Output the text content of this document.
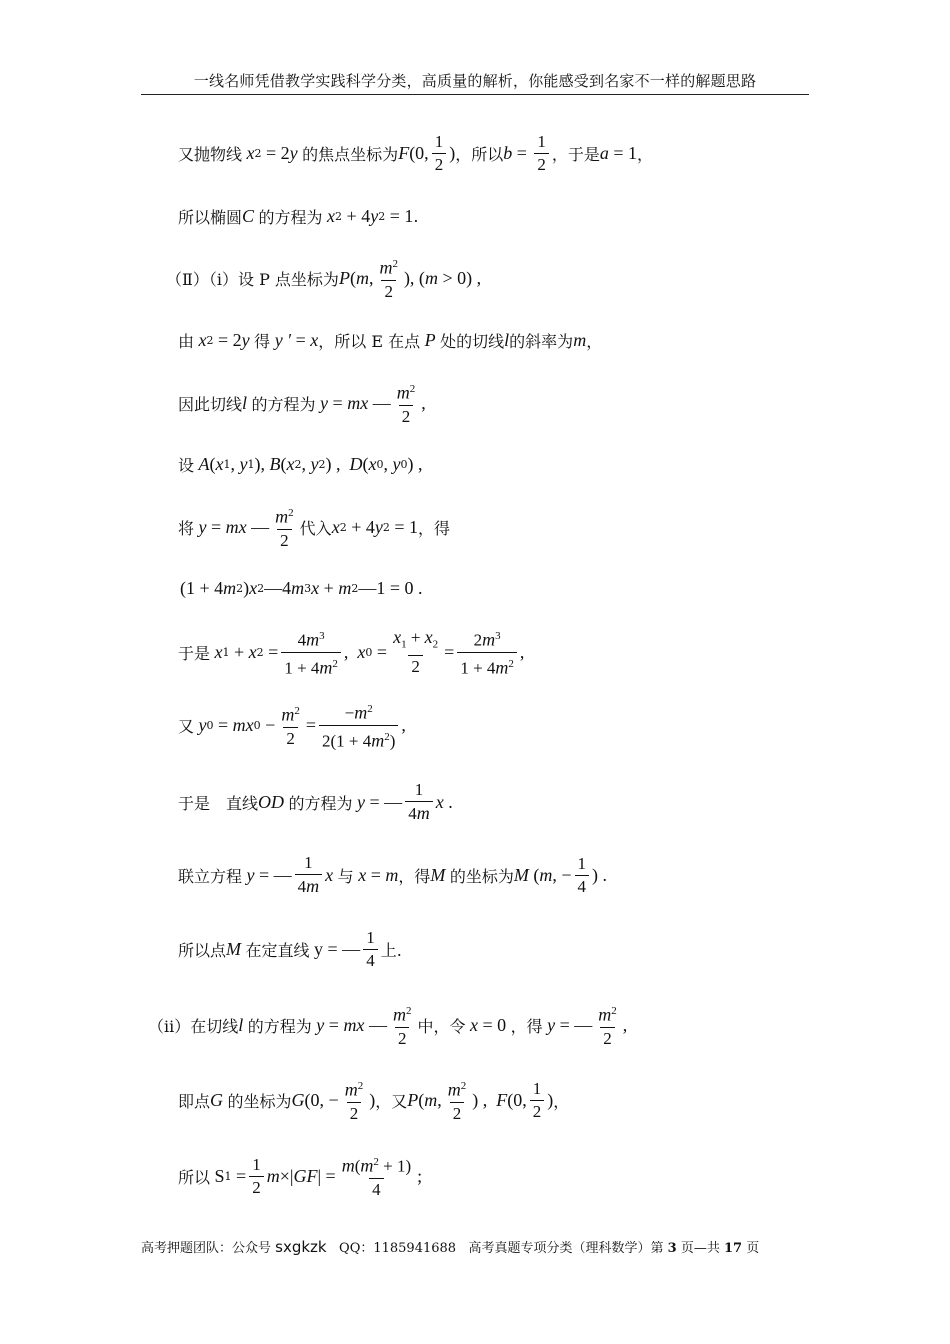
一线名师凭借教学实践科学分类，高质量的解析，你能感受到名家不一样的解题思路
又抛物线 x 2 = 2 y 的焦点坐标为 F (0, $\frac{1}{2}$ ) ，所以 $b = \frac{1}{2}$ ，于是 a = 1 ，
所以椭圆 C 的方程为 x 2 + 4 y 2 = 1 .
（Ⅱ）（ⅰ）设 P 点坐标为 P ( m , $\frac{m^2}{2}$ ), ( m > 0) ,
由 x 2 = 2 y 得 y ′ = x ，所以 E 在点 P 处的切线 l 的斜率为 m ，
因此切线 l 的方程为 y = mx — $\frac{m^2}{2}$ ,
设 A ( x 1 , y 1 ), B ( x 2 , y 2 ) , D ( x 0 , y 0 ) ,
将 y = mx — $\frac{m^2}{2}$ 代入 x 2 + 4 y 2 = 1 ，得
(1 + 4 m 2 ) x 2 —4 m 3 x + m 2 —1 = 0 .
于是 x 1 + x $2 = \frac{4m^3}{1 + 4m^2}$ , x $0 = \frac{x_1 + x_2}{2} = \frac{2m^3}{1 + 4m^2}$ ,
又 y 0 = mx $0 - \frac{m^2}{2} = \frac{-m^2}{2(1 + 4m^2)}$ ,
于是　直线 OD 的方程为 y = — $\frac{1}{4m}$ x .
联立方程 y = — $\frac{1}{4m}$ x 与 x = m ，得 M 的坐标为 M ( m , − $\frac{1}{4}$ ) .
所以点 M 在定直线 y = — $\frac{1}{4}$ 上.
（ⅱ）在切线 l 的方程为 y = mx — $\frac{m^2}{2}$ 中，令 x = 0 ，得 y = — $\frac{m^2}{2}$ ,
即点 G 的坐标为 G (0, − $\frac{m^2}{2}$ ) ，又 P ( m , $\frac{m^2}{2}$ ) , F (0, $\frac{1}{2}$ ) ，
所以 S $1 = \frac{1}{2}$ m ×| GF | = $\frac{m(m^2 + 1)}{4}$ ;
高考押题团队：公众号 sxgkzk QQ：1185941688 高考真题专项分类（理科数学）第 3 页—共 17 页
